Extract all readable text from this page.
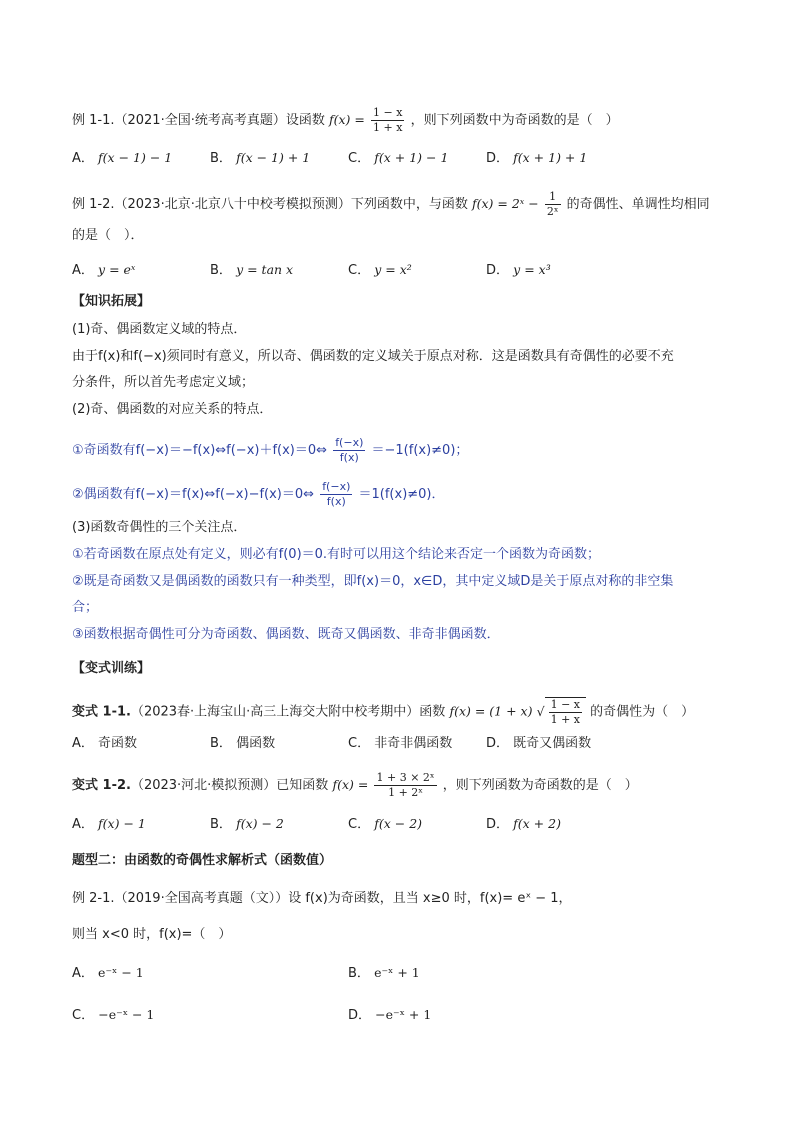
例 1-1.（2021·全国·统考高考真题）设函数 $f(x) = \frac{1 - x}{1 + x}$ ，则下列函数中为奇函数的是（　）
A． f(x − 1) − 1	B． f(x − 1) + 1	C． f(x + 1) − 1	D． f(x + 1) + 1
例 1-2.（2023·北京·北京八十中校考模拟预测）下列函数中，与函数 f(x) = 2ˣ − $\frac{1}{\text{2ˣ}}$ 的奇偶性、单调性均相同
的是（　）．
A． y = eˣ	B． y = tan x	C． y = x²	D． y = x³
【知识拓展】
(1)奇、偶函数定义域的特点．
由于f(x)和f(−x)须同时有意义，所以奇、偶函数的定义域关于原点对称．这是函数具有奇偶性的必要不充
分条件，所以首先考虑定义域；
(2)奇、偶函数的对应关系的特点．
①奇函数有f(−x)＝−f(x)⇔f(−x)＋f(x)＝0⇔ $\frac{f(-x)}{f(x)} =-1(f(x)\ne 0)$；
②偶函数有f(−x)＝f(x)⇔f(−x)−f(x)＝0⇔ $\frac{f(-x)}{f(x)} =1(f(x)\ne 0)$．
(3)函数奇偶性的三个关注点．
①若奇函数在原点处有定义，则必有f(0)＝0.有时可以用这个结论来否定一个函数为奇函数；
②既是奇函数又是偶函数的函数只有一种类型，即f(x)＝0，x∈D，其中定义域D是关于原点对称的非空集
合；
③函数根据奇偶性可分为奇函数、偶函数、既奇又偶函数、非奇非偶函数．
【变式训练】
变式 1-1.（2023春·上海宝山·高三上海交大附中校考期中）函数 f(x) = (1 + x) √ $\frac{1 - x}{1 + x}$ 的奇偶性为（　）
A． 奇函数	B． 偶函数	C． 非奇非偶函数	D． 既奇又偶函数
变式 1-2.（2023·河北·模拟预测）已知函数 $f(x) = \frac{\text{1 + 3 × 2ˣ}}{\text{1 + 2ˣ}}$ ，则下列函数为奇函数的是（　）
A． f(x) − 1	B． f(x) − 2	C． f(x − 2)	D． f(x + 2)
题型二：由函数的奇偶性求解析式（函数值）
例 2-1.（2019·全国高考真题（文））设 f(x)为奇函数，且当 x≥0 时，f(x)= eˣ − 1，
则当 x<0 时，f(x)=（　）
A． e⁻ˣ − 1	B． e⁻ˣ + 1
C． −e⁻ˣ − 1	D． −e⁻ˣ + 1
